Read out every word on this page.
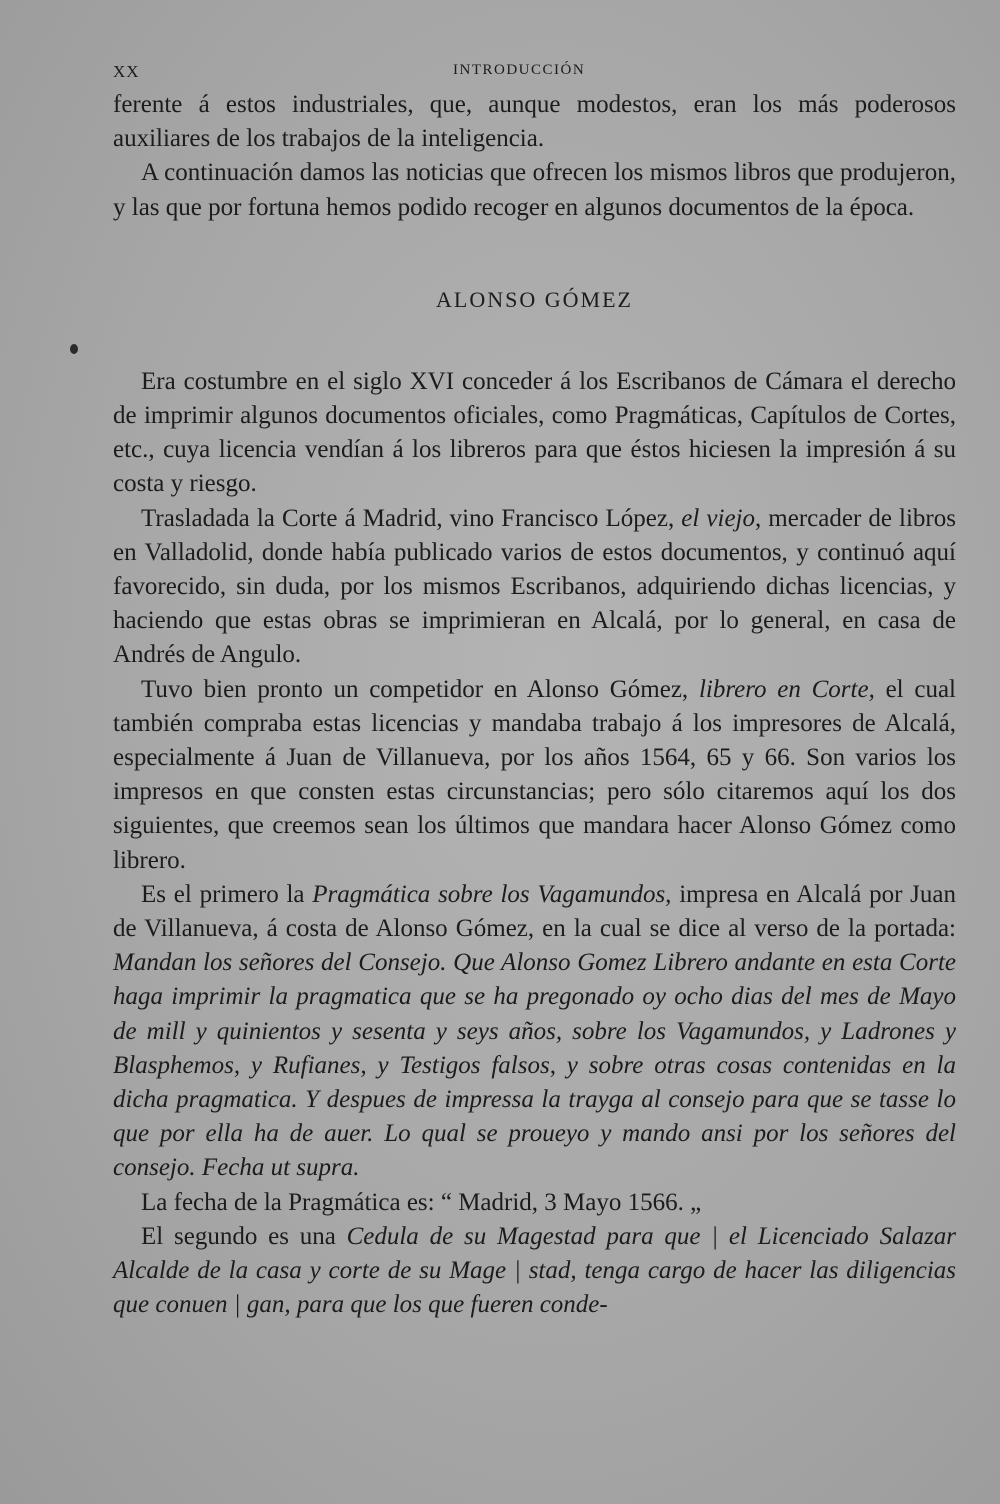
XX	INTRODUCCIÓN

ferente á estos industriales, que, aunque modestos, eran los más poderosos auxiliares de los trabajos de la inteligencia.

A continuación damos las noticias que ofrecen los mismos libros que produjeron, y las que por fortuna hemos podido recoger en algunos documentos de la época.

ALONSO GÓMEZ

Era costumbre en el siglo XVI conceder á los Escribanos de Cámara el derecho de imprimir algunos documentos oficiales, como Pragmáticas, Capítulos de Cortes, etc., cuya licencia vendían á los libreros para que éstos hiciesen la impresión á su costa y riesgo.

Trasladada la Corte á Madrid, vino Francisco López, el viejo, mercader de libros en Valladolid, donde había publicado varios de estos documentos, y continuó aquí favorecido, sin duda, por los mismos Escribanos, adquiriendo dichas licencias, y haciendo que estas obras se imprimieran en Alcalá, por lo general, en casa de Andrés de Angulo.

Tuvo bien pronto un competidor en Alonso Gómez, librero en Corte, el cual también compraba estas licencias y mandaba trabajo á los impresores de Alcalá, especialmente á Juan de Villanueva, por los años 1564, 65 y 66. Son varios los impresos en que consten estas circunstancias; pero sólo citaremos aquí los dos siguientes, que creemos sean los últimos que mandara hacer Alonso Gómez como librero.

Es el primero la Pragmática sobre los Vagamundos, impresa en Alcalá por Juan de Villanueva, á costa de Alonso Gómez, en la cual se dice al verso de la portada: Mandan los señores del Consejo. Que Alonso Gomez Librero andante en esta Corte haga imprimir la pragmatica que se ha pregonado oy ocho dias del mes de Mayo de mill y quinientos y sesenta y seys años, sobre los Vagamundos, y Ladrones y Blasphemos, y Rufianes, y Testigos falsos, y sobre otras cosas contenidas en la dicha pragmatica. Y despues de impressa la trayga al consejo para que se tasse lo que por ella ha de auer. Lo qual se proueyo y mando ansi por los señores del consejo. Fecha ut supra.

La fecha de la Pragmática es: “ Madrid, 3 Mayo 1566. „

El segundo es una Cedula de su Magestad para que | el Licenciado Salazar Alcalde de la casa y corte de su Mage | stad, tenga cargo de hacer las diligencias que conuen | gan, para que los que fueren conde-
